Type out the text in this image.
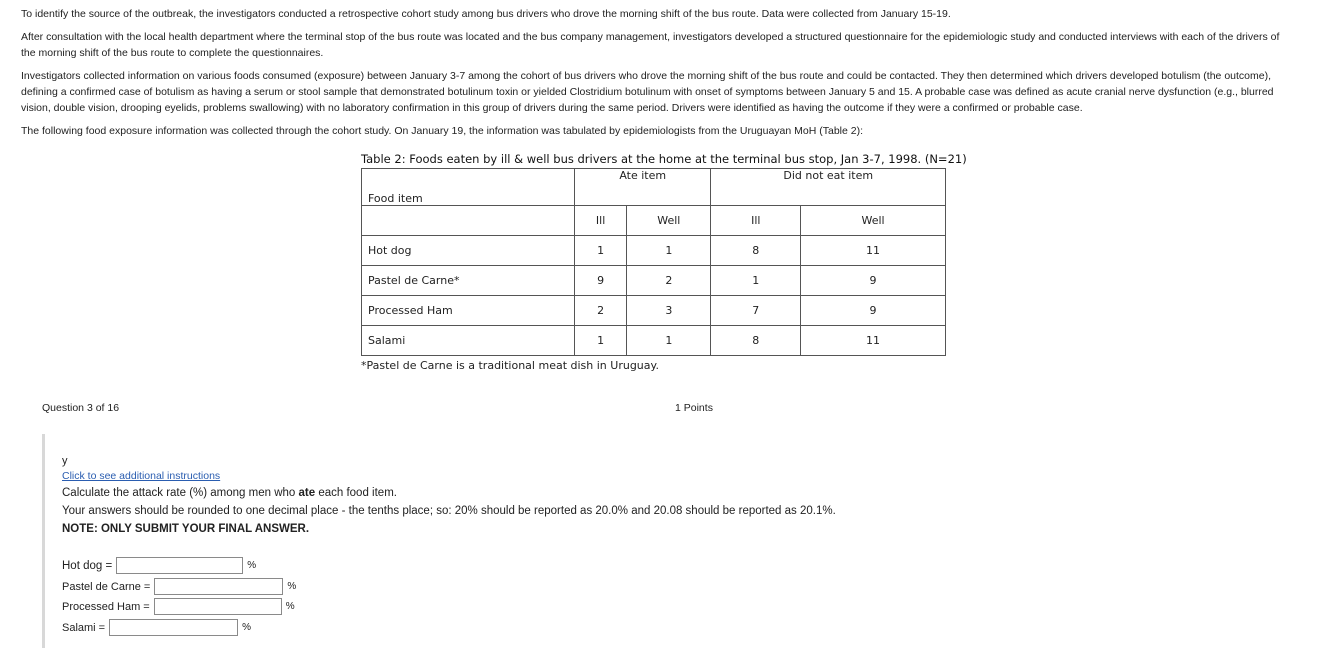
To identify the source of the outbreak, the investigators conducted a retrospective cohort study among bus drivers who drove the morning shift of the bus route. Data were collected from January 15-19.

After consultation with the local health department where the terminal stop of the bus route was located and the bus company management, investigators developed a structured questionnaire for the epidemiologic study and conducted interviews with each of the drivers of the morning shift of the bus route to complete the questionnaires.

Investigators collected information on various foods consumed (exposure) between January 3-7 among the cohort of bus drivers who drove the morning shift of the bus route and could be contacted. They then determined which drivers developed botulism (the outcome), defining a confirmed case of botulism as having a serum or stool sample that demonstrated botulinum toxin or yielded Clostridium botulinum with onset of symptoms between January 5 and 15. A probable case was defined as acute cranial nerve dysfunction (e.g., blurred vision, double vision, drooping eyelids, problems swallowing) with no laboratory confirmation in this group of drivers during the same period. Drivers were identified as having the outcome if they were a confirmed or probable case.

The following food exposure information was collected through the cohort study. On January 19, the information was tabulated by epidemiologists from the Uruguayan MoH (Table 2):

Table 2: Foods eaten by ill & well bus drivers at the home at the terminal bus stop, Jan 3-7, 1998. (N=21)
Food item	Ate item		Did not eat item	
	Ill	Well	Ill	Well
Hot dog	1	1	8	11
Pastel de Carne*	9	2	1	9
Processed Ham	2	3	7	9
Salami	1	1	8	11
*Pastel de Carne is a traditional meat dish in Uruguay.
Question 3 of 16	1 Points
y
Click to see additional instructions

Calculate the attack rate (%) among men who ate each food item.

Your answers should be rounded to one decimal place - the tenths place; so: 20% should be reported as 20.0% and 20.08 should be reported as 20.1%.

NOTE: ONLY SUBMIT YOUR FINAL ANSWER.

Hot dog =	%
Pastel de Carne =	%
Processed Ham =	%
Salami =	%
